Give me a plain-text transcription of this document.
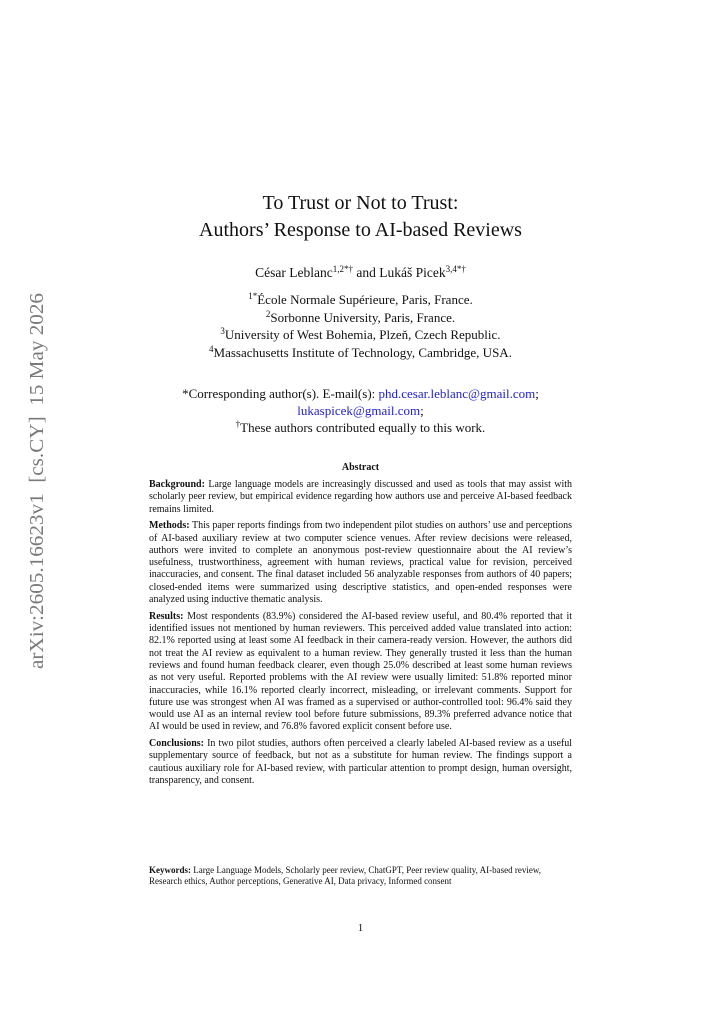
arXiv:2605.16623v1  [cs.CY]  15 May 2026
To Trust or Not to Trust:
Authors’ Response to AI-based Reviews
César Leblanc$^{1,2*\dagger}$ and Lukáš Picek$^{3,4*\dagger}$
$^{1*}$École Normale Supérieure, Paris, France.
$^2$Sorbonne University, Paris, France.
$^3$University of West Bohemia, Plzeň, Czech Republic.
$^4$Massachusetts Institute of Technology, Cambridge, USA.
*Corresponding author(s). E-mail(s): phd.cesar.leblanc@gmail.com;
lukaspicek@gmail.com;
†These authors contributed equally to this work.
Abstract

Background: Large language models are increasingly discussed and used as tools that may assist with scholarly peer review, but empirical evidence regarding how authors use and perceive AI-based feedback remains limited.

Methods: This paper reports findings from two independent pilot studies on authors’ use and perceptions of AI-based auxiliary review at two computer science venues. After review decisions were released, authors were invited to complete an anonymous post-review questionnaire about the AI review’s usefulness, trustworthiness, agreement with human reviews, practical value for revision, perceived inaccuracies, and consent. The final dataset included 56 analyzable responses from authors of 40 papers; closed-ended items were summarized using descriptive statistics, and open-ended responses were analyzed using inductive thematic analysis.

Results: Most respondents (83.9%) considered the AI-based review useful, and 80.4% reported that it identified issues not mentioned by human reviewers. This perceived added value translated into action: 82.1% reported using at least some AI feedback in their camera-ready version. However, the authors did not treat the AI review as equivalent to a human review. They generally trusted it less than the human reviews and found human feedback clearer, even though 25.0% described at least some human reviews as not very useful. Reported problems with the AI review were usually limited: 51.8% reported minor inaccuracies, while 16.1% reported clearly incorrect, misleading, or irrelevant comments. Support for future use was strongest when AI was framed as a supervised or author-controlled tool: 96.4% said they would use AI as an internal review tool before future submissions, 89.3% preferred advance notice that AI would be used in review, and 76.8% favored explicit consent before use.

Conclusions: In two pilot studies, authors often perceived a clearly labeled AI-based review as a useful supplementary source of feedback, but not as a substitute for human review. The findings support a cautious auxiliary role for AI-based review, with particular attention to prompt design, human oversight, transparency, and consent.

Keywords: Large Language Models, Scholarly peer review, ChatGPT, Peer review quality, AI-based review, Research ethics, Author perceptions, Generative AI, Data privacy, Informed consent
1
